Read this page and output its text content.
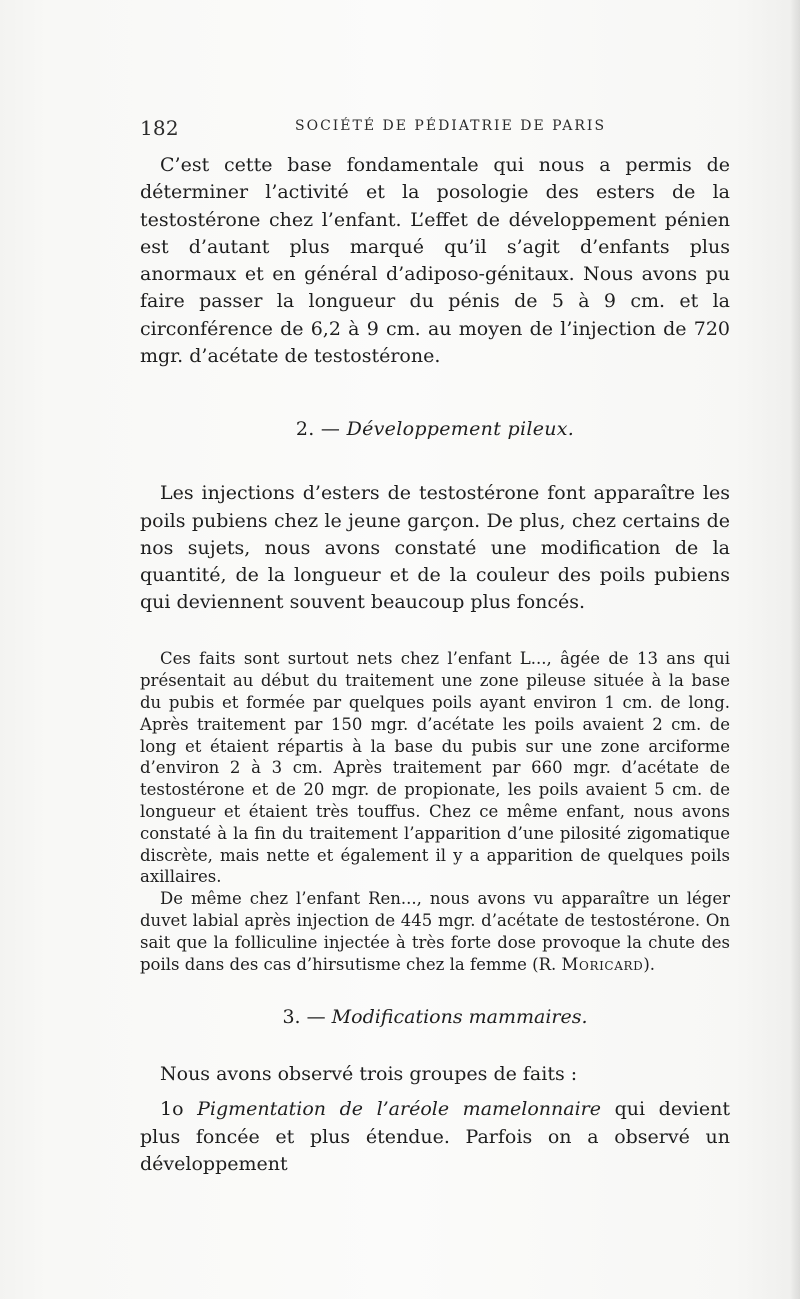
182	SOCIÉTÉ DE PÉDIATRIE DE PARIS

C’est cette base fondamentale qui nous a permis de déterminer l’activité et la posologie des esters de la testostérone chez l’enfant. L’effet de développement pénien est d’autant plus marqué qu’il s’agit d’enfants plus anormaux et en général d’adiposo-génitaux. Nous avons pu faire passer la longueur du pénis de 5 à 9 cm. et la circonférence de 6,2 à 9 cm. au moyen de l’injection de 720 mgr. d’acétate de testostérone.

2. — Développement pileux.

Les injections d’esters de testostérone font apparaître les poils pubiens chez le jeune garçon. De plus, chez certains de nos sujets, nous avons constaté une modification de la quantité, de la longueur et de la couleur des poils pubiens qui deviennent souvent beaucoup plus foncés.

Ces faits sont surtout nets chez l’enfant L..., âgée de 13 ans qui présentait au début du traitement une zone pileuse située à la base du pubis et formée par quelques poils ayant environ 1 cm. de long. Après traitement par 150 mgr. d’acétate les poils avaient 2 cm. de long et étaient répartis à la base du pubis sur une zone arciforme d’environ 2 à 3 cm. Après traitement par 660 mgr. d’acétate de testostérone et de 20 mgr. de propionate, les poils avaient 5 cm. de longueur et étaient très touffus. Chez ce même enfant, nous avons constaté à la fin du traitement l’apparition d’une pilosité zigomatique discrète, mais nette et également il y a apparition de quelques poils axillaires.

De même chez l’enfant Ren..., nous avons vu apparaître un léger duvet labial après injection de 445 mgr. d’acétate de testostérone. On sait que la folliculine injectée à très forte dose provoque la chute des poils dans des cas d’hirsutisme chez la femme (R. Moricard).

3. — Modifications mammaires.

Nous avons observé trois groupes de faits :

1o Pigmentation de l’aréole mamelonnaire qui devient plus foncée et plus étendue. Parfois on a observé un développement
